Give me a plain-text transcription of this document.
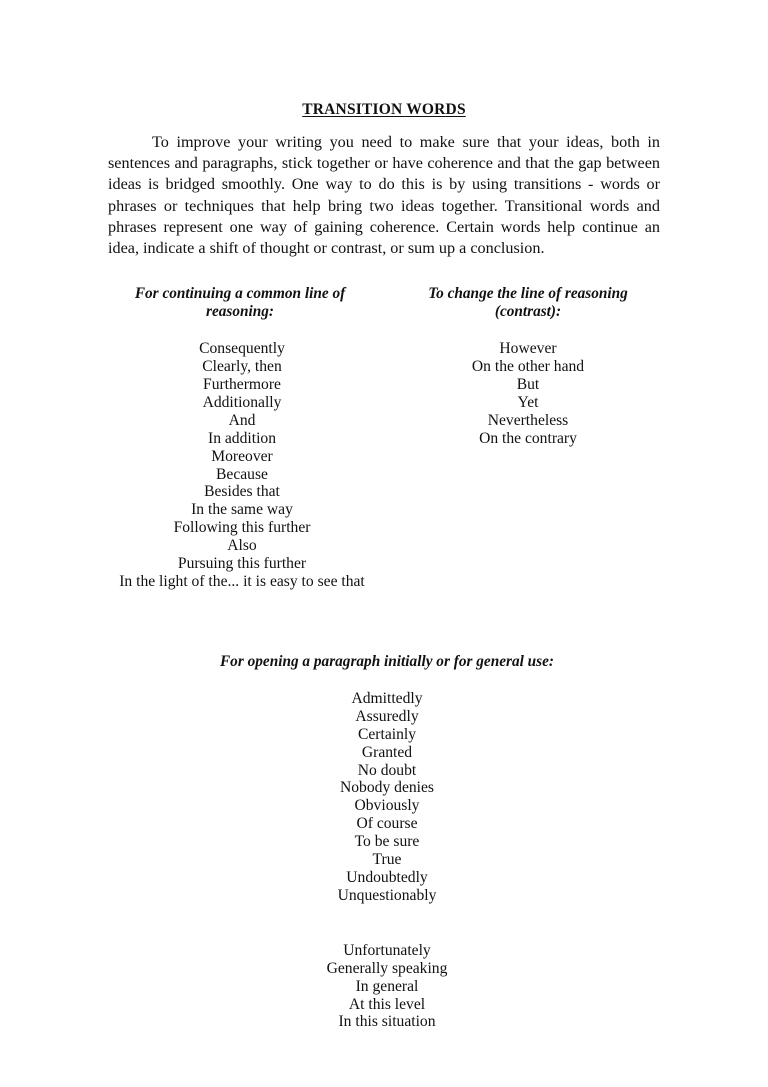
TRANSITION WORDS

To improve your writing you need to make sure that your ideas, both in sentences and paragraphs, stick together or have coherence and that the gap between ideas is bridged smoothly. One way to do this is by using transitions - words or phrases or techniques that help bring two ideas together. Transitional words and phrases represent one way of gaining coherence. Certain words help continue an idea, indicate a shift of thought or contrast, or sum up a conclusion.

For continuing a common line of reasoning:
Consequently
Clearly, then
Furthermore
Additionally
And
In addition
Moreover
Because
Besides that
In the same way
Following this further
Also
Pursuing this further
In the light of the... it is easy to see that
To change the line of reasoning (contrast):
However
On the other hand
But
Yet
Nevertheless
On the contrary
For opening a paragraph initially or for general use:
Admittedly
Assuredly
Certainly
Granted
No doubt
Nobody denies
Obviously
Of course
To be sure
True
Undoubtedly
Unquestionably
Unfortunately
Generally speaking
In general
At this level
In this situation
